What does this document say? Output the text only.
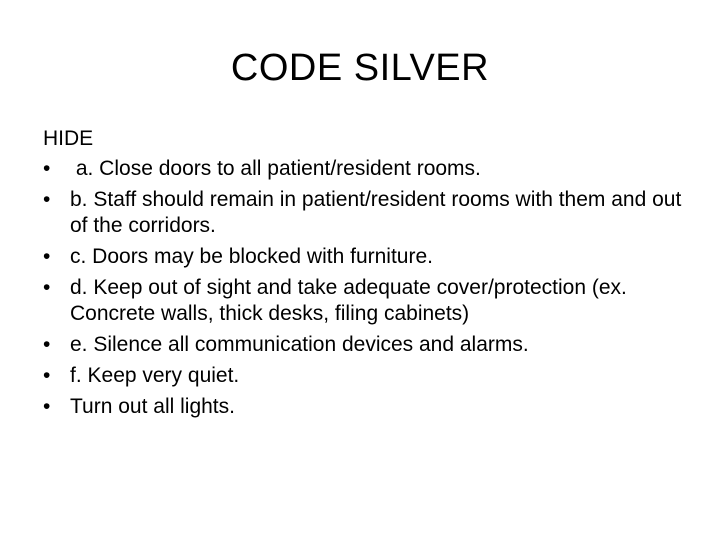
CODE SILVER
HIDE
• a. Close doors to all patient/resident rooms.
• b. Staff should remain in patient/resident rooms with them and out of the corridors.
• c. Doors may be blocked with furniture.
• d. Keep out of sight and take adequate cover/protection (ex. Concrete walls, thick desks, filing cabinets)
• e. Silence all communication devices and alarms.
• f. Keep very quiet.
• Turn out all lights.
